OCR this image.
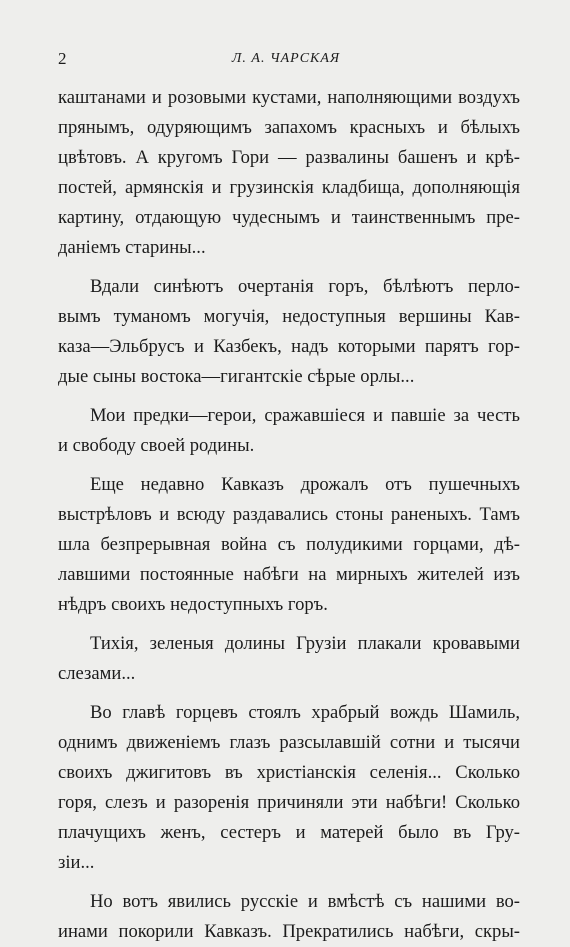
2	Л. А. ЧАРСКАЯ
каштанами и розовыми кустами, наполняющими воздухъ
прянымъ, одуряющимъ запахомъ красныхъ и бѣлыхъ
цвѣтовъ. А кругомъ Гори — развалины башенъ и крѣ-
постей, армянскія и грузинскія кладбища, дополняющія
картину, отдающую чудеснымъ и таинственнымъ пре-
даніемъ старины...
Вдали синѣютъ очертанія горъ, бѣлѣютъ перло-
вымъ туманомъ могучія, недоступныя вершины Кав-
каза—Эльбрусъ и Казбекъ, надъ которыми парятъ гор-
дые сыны востока—гигантскіе сѣрые орлы...
Мои предки—герои, сражавшіеся и павшіе за честь
и свободу своей родины.
Еще недавно Кавказъ дрожалъ отъ пушечныхъ
выстрѣловъ и всюду раздавались стоны раненыхъ. Тамъ
шла безпрерывная война съ полудикими горцами, дѣ-
лавшими постоянные набѣги на мирныхъ жителей изъ
нѣдръ своихъ недоступныхъ горъ.
Тихія, зеленыя долины Грузіи плакали кровавыми
слезами...
Во главѣ горцевъ стоялъ храбрый вождь Шамиль,
однимъ движеніемъ глазъ разсылавшій сотни и тысячи
своихъ джигитовъ въ христіанскія селенія... Сколько
горя, слезъ и разоренія причиняли эти набѣги! Сколько
плачущихъ женъ, сестеръ и матерей было въ Гру-
зіи...
Но вотъ явились русскіе и вмѣстѣ съ нашими во-
инами покорили Кавказъ. Прекратились набѣги, скры-
